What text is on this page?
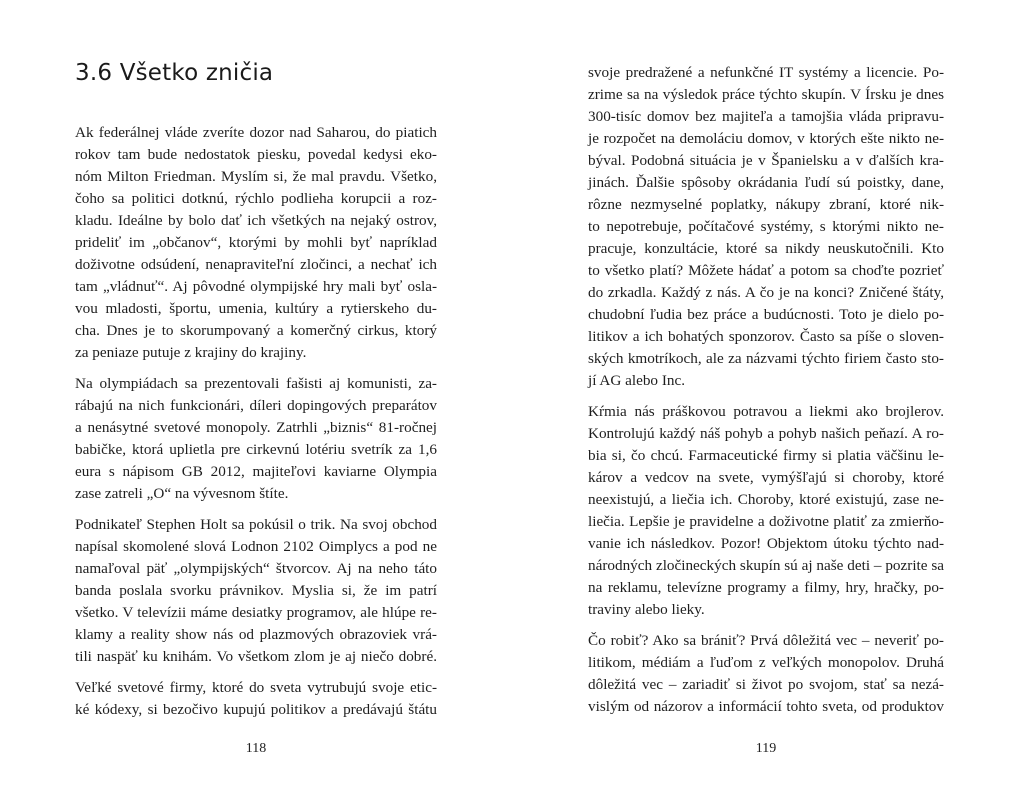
3.6 Všetko zničia
Ak federálnej vláde zveríte dozor nad Saharou, do piatich
rokov tam bude nedostatok piesku, povedal kedysi eko-
nóm Milton Friedman. Myslím si, že mal pravdu. Všetko,
čoho sa politici dotknú, rýchlo podlieha korupcii a roz-
kladu. Ideálne by bolo dať ich všetkých na nejaký ostrov,
prideliť im „občanov“, ktorými by mohli byť napríklad
doživotne odsúdení, nenapraviteľní zločinci, a nechať ich
tam „vládnuť“. Aj pôvodné olympijské hry mali byť osla-
vou mladosti, športu, umenia, kultúry a rytierskeho du-
cha. Dnes je to skorumpovaný a komerčný cirkus, ktorý
za peniaze putuje z krajiny do krajiny.
Na olympiádach sa prezentovali fašisti aj komunisti, za-
rábajú na nich funkcionári, díleri dopingových preparátov
a nenásytné svetové monopoly. Zatrhli „biznis“ 81-ročnej
babičke, ktorá uplietla pre cirkevnú lotériu svetrík za 1,6
eura s nápisom GB 2012, majiteľovi kaviarne Olympia
zase zatreli „O“ na vývesnom štíte.
Podnikateľ Stephen Holt sa pokúsil o trik. Na svoj obchod
napísal skomolené slová Lodnon 2102 Oimplycs a pod ne
namaľoval päť „olympijských“ štvorcov. Aj na neho táto
banda poslala svorku právnikov. Myslia si, že im patrí
všetko. V televízii máme desiatky programov, ale hlúpe re-
klamy a reality show nás od plazmových obrazoviek vrá-
tili naspäť ku knihám. Vo všetkom zlom je aj niečo dobré.
Veľké svetové firmy, ktoré do sveta vytrubujú svoje etic-
ké kódexy, si bezočivo kupujú politikov a predávajú štátu
118
svoje predražené a nefunkčné IT systémy a licencie. Po-
zrime sa na výsledok práce týchto skupín. V Írsku je dnes
300-tisíc domov bez majiteľa a tamojšia vláda pripravu-
je rozpočet na demoláciu domov, v ktorých ešte nikto ne-
býval. Podobná situácia je v Španielsku a v ďalších kra-
jinách. Ďalšie spôsoby okrádania ľudí sú poistky, dane,
rôzne nezmyselné poplatky, nákupy zbraní, ktoré nik-
to nepotrebuje, počítačové systémy, s ktorými nikto ne-
pracuje, konzultácie, ktoré sa nikdy neuskutočnili. Kto
to všetko platí? Môžete hádať a potom sa choďte pozrieť
do zrkadla. Každý z nás. A čo je na konci? Zničené štáty,
chudobní ľudia bez práce a budúcnosti. Toto je dielo po-
litikov a ich bohatých sponzorov. Často sa píše o sloven-
ských kmotríkoch, ale za názvami týchto firiem často sto-
jí AG alebo Inc.
Kŕmia nás práškovou potravou a liekmi ako brojlerov.
Kontrolujú každý náš pohyb a pohyb našich peňazí. A ro-
bia si, čo chcú. Farmaceutické firmy si platia väčšinu le-
károv a vedcov na svete, vymýšľajú si choroby, ktoré
neexistujú, a liečia ich. Choroby, ktoré existujú, zase ne-
liečia. Lepšie je pravidelne a doživotne platiť za zmierňo-
vanie ich následkov. Pozor! Objektom útoku týchto nad-
národných zločineckých skupín sú aj naše deti – pozrite sa
na reklamu, televízne programy a filmy, hry, hračky, po-
traviny alebo lieky.
Čo robiť? Ako sa brániť? Prvá dôležitá vec – neveriť po-
litikom, médiám a ľuďom z veľkých monopolov. Druhá
dôležitá vec – zariadiť si život po svojom, stať sa nezá-
vislým od názorov a informácií tohto sveta, od produktov
119
